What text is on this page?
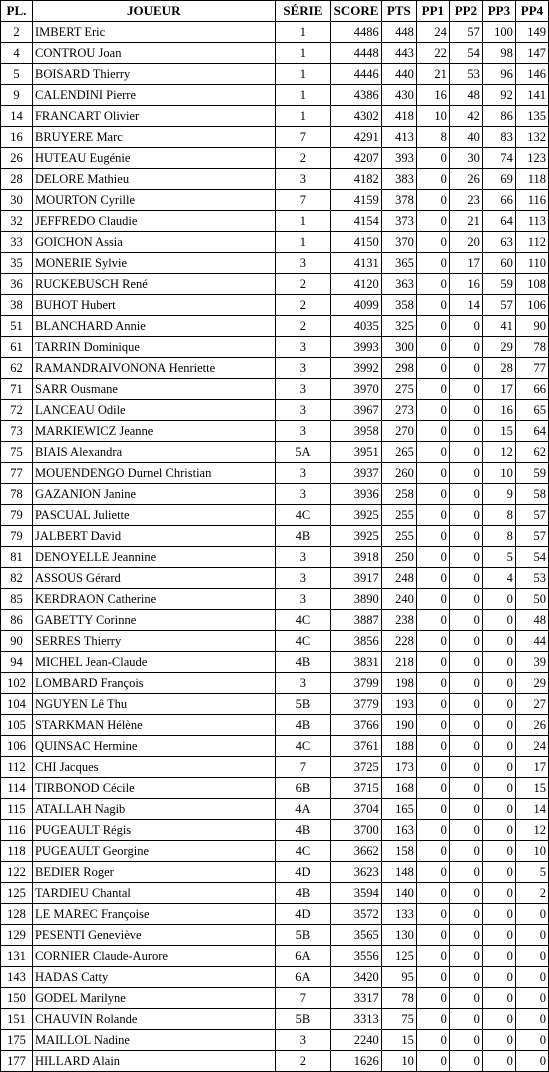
PL.	JOUEUR	SÉRIE	SCORE	PTS	PP1	PP2	PP3	PP4
2	IMBERT Eric	1	4486	448	24	57	100	149
4	CONTROU Joan	1	4448	443	22	54	98	147
5	BOISARD Thierry	1	4446	440	21	53	96	146
9	CALENDINI Pierre	1	4386	430	16	48	92	141
14	FRANCART Olivier	1	4302	418	10	42	86	135
16	BRUYERE Marc	7	4291	413	8	40	83	132
26	HUTEAU Eugénie	2	4207	393	0	30	74	123
28	DELORE Mathieu	3	4182	383	0	26	69	118
30	MOURTON Cyrille	7	4159	378	0	23	66	116
32	JEFFREDO Claudie	1	4154	373	0	21	64	113
33	GOICHON Assia	1	4150	370	0	20	63	112
35	MONERIE Sylvie	3	4131	365	0	17	60	110
36	RUCKEBUSCH René	2	4120	363	0	16	59	108
38	BUHOT Hubert	2	4099	358	0	14	57	106
51	BLANCHARD Annie	2	4035	325	0	0	41	90
61	TARRIN Dominique	3	3993	300	0	0	29	78
62	RAMANDRAIVONONA Henriette	3	3992	298	0	0	28	77
71	SARR Ousmane	3	3970	275	0	0	17	66
72	LANCEAU Odile	3	3967	273	0	0	16	65
73	MARKIEWICZ Jeanne	3	3958	270	0	0	15	64
75	BIAIS Alexandra	5A	3951	265	0	0	12	62
77	MOUENDENGO Durnel Christian	3	3937	260	0	0	10	59
78	GAZANION Janine	3	3936	258	0	0	9	58
79	PASCUAL Juliette	4C	3925	255	0	0	8	57
79	JALBERT David	4B	3925	255	0	0	8	57
81	DENOYELLE Jeannine	3	3918	250	0	0	5	54
82	ASSOUS Gérard	3	3917	248	0	0	4	53
85	KERDRAON Catherine	3	3890	240	0	0	0	50
86	GABETTY Corinne	4C	3887	238	0	0	0	48
90	SERRES Thierry	4C	3856	228	0	0	0	44
94	MICHEL Jean-Claude	4B	3831	218	0	0	0	39
102	LOMBARD François	3	3799	198	0	0	0	29
104	NGUYEN Lê Thu	5B	3779	193	0	0	0	27
105	STARKMAN Hélène	4B	3766	190	0	0	0	26
106	QUINSAC Hermine	4C	3761	188	0	0	0	24
112	CHI Jacques	7	3725	173	0	0	0	17
114	TIRBONOD Cécile	6B	3715	168	0	0	0	15
115	ATALLAH Nagib	4A	3704	165	0	0	0	14
116	PUGEAULT Régis	4B	3700	163	0	0	0	12
118	PUGEAULT Georgine	4C	3662	158	0	0	0	10
122	BEDIER Roger	4D	3623	148	0	0	0	5
125	TARDIEU Chantal	4B	3594	140	0	0	0	2
128	LE MAREC Françoise	4D	3572	133	0	0	0	0
129	PESENTI Geneviève	5B	3565	130	0	0	0	0
131	CORNIER Claude-Aurore	6A	3556	125	0	0	0	0
143	HADAS Catty	6A	3420	95	0	0	0	0
150	GODEL Marilyne	7	3317	78	0	0	0	0
151	CHAUVIN Rolande	5B	3313	75	0	0	0	0
175	MAILLOL Nadine	3	2240	15	0	0	0	0
177	HILLARD Alain	2	1626	10	0	0	0	0
